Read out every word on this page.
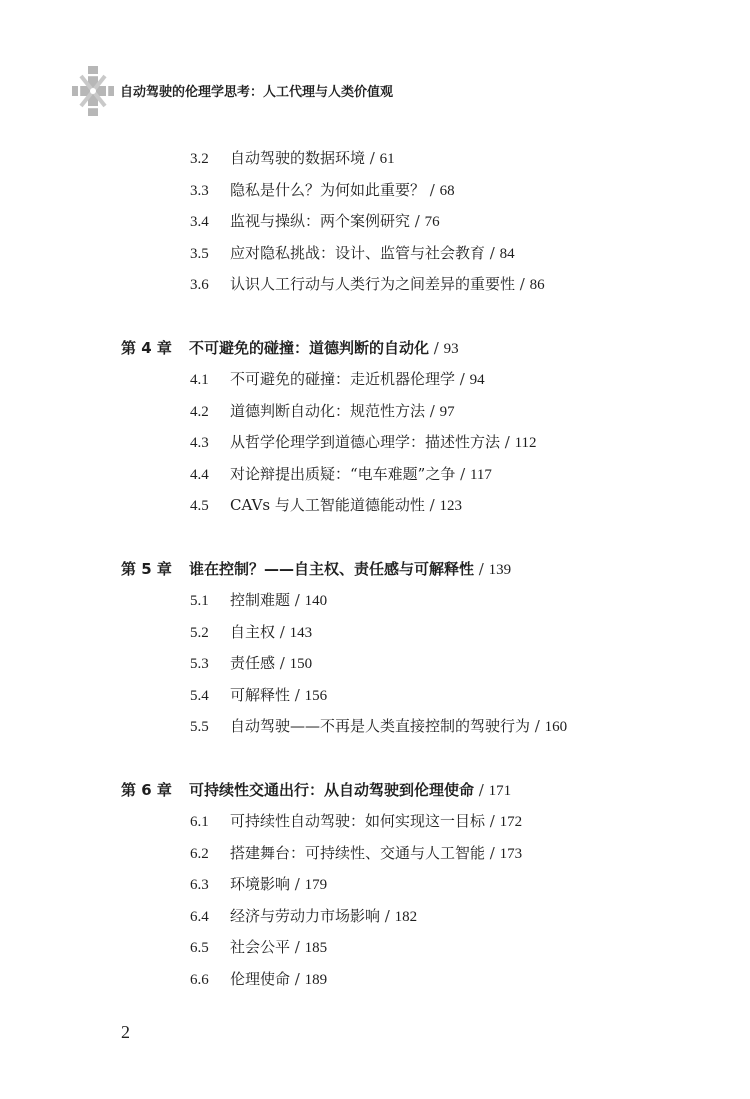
自动驾驶的伦理学思考：人工代理与人类价值观
3.2 自动驾驶的数据环境 / 61
3.3 隐私是什么？为何如此重要？ / 68
3.4 监视与操纵：两个案例研究 / 76
3.5 应对隐私挑战：设计、监管与社会教育 / 84
3.6 认识人工行动与人类行为之间差异的重要性 / 86
第 4 章 不可避免的碰撞：道德判断的自动化 / 93
4.1 不可避免的碰撞：走近机器伦理学 / 94
4.2 道德判断自动化：规范性方法 / 97
4.3 从哲学伦理学到道德心理学：描述性方法 / 112
4.4 对论辩提出质疑：“电车难题”之争 / 117
4.5 CAVs 与人工智能道德能动性 / 123
第 5 章 谁在控制？——自主权、责任感与可解释性 / 139
5.1 控制难题 / 140
5.2 自主权 / 143
5.3 责任感 / 150
5.4 可解释性 / 156
5.5 自动驾驶——不再是人类直接控制的驾驶行为 / 160
第 6 章 可持续性交通出行：从自动驾驶到伦理使命 / 171
6.1 可持续性自动驾驶：如何实现这一目标 / 172
6.2 搭建舞台：可持续性、交通与人工智能 / 173
6.3 环境影响 / 179
6.4 经济与劳动力市场影响 / 182
6.5 社会公平 / 185
6.6 伦理使命 / 189
2
